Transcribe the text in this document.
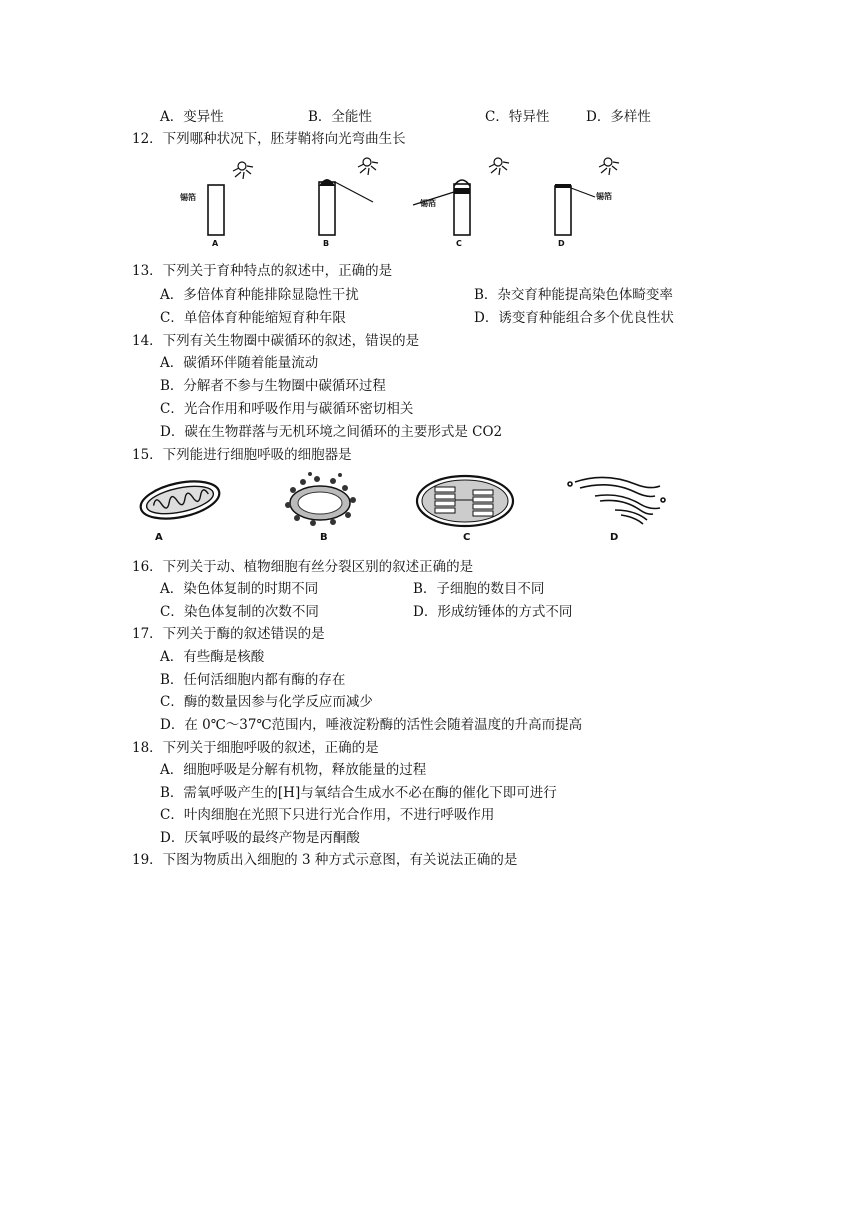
A．变异性	B．全能性	C．特异性	D．多样性
12．下列哪种状况下，胚芽鞘将向光弯曲生长
锡箔
锡箔
锡箔
A	B	C	D
13．下列关于育种特点的叙述中，正确的是
A．多倍体育种能排除显隐性干扰	B．杂交育种能提高染色体畸变率
C．单倍体育种能缩短育种年限	D．诱变育种能组合多个优良性状
14．下列有关生物圈中碳循环的叙述，错误的是
A．碳循环伴随着能量流动
B．分解者不参与生物圈中碳循环过程
C．光合作用和呼吸作用与碳循环密切相关
D．碳在生物群落与无机环境之间循环的主要形式是 CO2
15．下列能进行细胞呼吸的细胞器是
A	B	C	D
16．下列关于动、植物细胞有丝分裂区别的叙述正确的是
A．染色体复制的时期不同	B．子细胞的数目不同
C．染色体复制的次数不同	D．形成纺锤体的方式不同
17．下列关于酶的叙述错误的是
A．有些酶是核酸
B．任何活细胞内都有酶的存在
C．酶的数量因参与化学反应而减少
D．在 0℃～37℃范围内，唾液淀粉酶的活性会随着温度的升高而提高
18．下列关于细胞呼吸的叙述，正确的是
A．细胞呼吸是分解有机物，释放能量的过程
B．需氧呼吸产生的[H]与氧结合生成水不必在酶的催化下即可进行
C．叶肉细胞在光照下只进行光合作用，不进行呼吸作用
D．厌氧呼吸的最终产物是丙酮酸
19．下图为物质出入细胞的 3 种方式示意图，有关说法正确的是
